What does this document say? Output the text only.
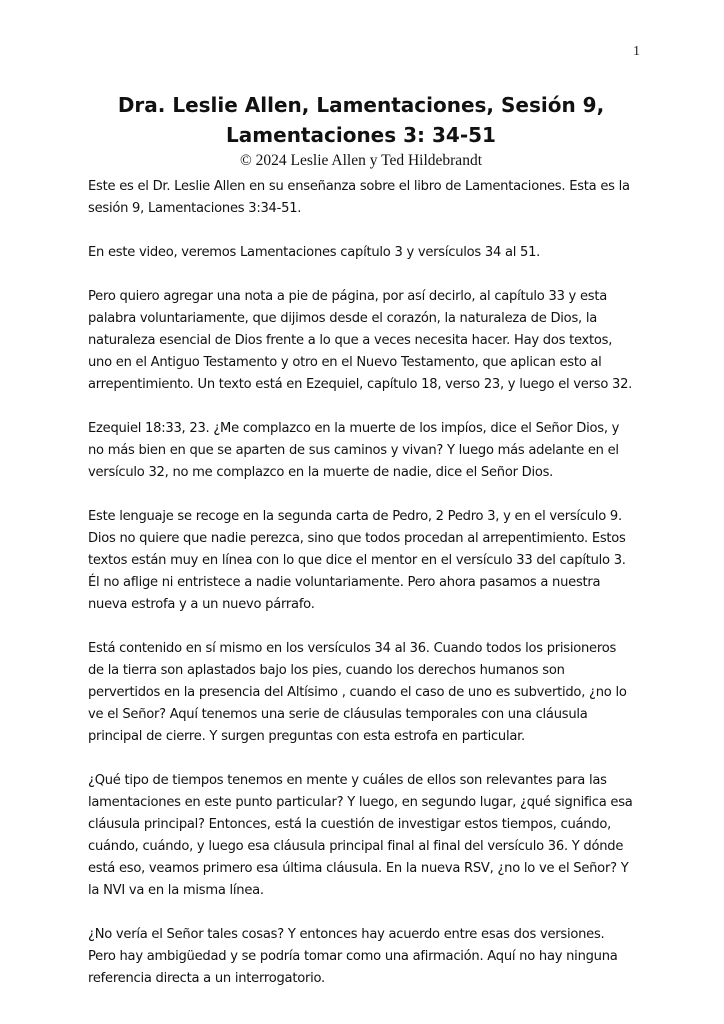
1
Dra. Leslie Allen, Lamentaciones, Sesión 9,
Lamentaciones 3: 34-51
© 2024 Leslie Allen y Ted Hildebrandt

Este es el Dr. Leslie Allen en su enseñanza sobre el libro de Lamentaciones. Esta es la
sesión 9, Lamentaciones 3:34-51.

En este video, veremos Lamentaciones capítulo 3 y versículos 34 al 51.

Pero quiero agregar una nota a pie de página, por así decirlo, al capítulo 33 y esta
palabra voluntariamente, que dijimos desde el corazón, la naturaleza de Dios, la
naturaleza esencial de Dios frente a lo que a veces necesita hacer. Hay dos textos,
uno en el Antiguo Testamento y otro en el Nuevo Testamento, que aplican esto al
arrepentimiento. Un texto está en Ezequiel, capítulo 18, verso 23, y luego el verso 32.

Ezequiel 18:33, 23. ¿Me complazco en la muerte de los impíos, dice el Señor Dios, y
no más bien en que se aparten de sus caminos y vivan? Y luego más adelante en el
versículo 32, no me complazco en la muerte de nadie, dice el Señor Dios.

Este lenguaje se recoge en la segunda carta de Pedro, 2 Pedro 3, y en el versículo 9.
Dios no quiere que nadie perezca, sino que todos procedan al arrepentimiento. Estos
textos están muy en línea con lo que dice el mentor en el versículo 33 del capítulo 3.
Él no aflige ni entristece a nadie voluntariamente. Pero ahora pasamos a nuestra
nueva estrofa y a un nuevo párrafo.

Está contenido en sí mismo en los versículos 34 al 36. Cuando todos los prisioneros
de la tierra son aplastados bajo los pies, cuando los derechos humanos son
pervertidos en la presencia del Altísimo , cuando el caso de uno es subvertido, ¿no lo
ve el Señor? Aquí tenemos una serie de cláusulas temporales con una cláusula
principal de cierre. Y surgen preguntas con esta estrofa en particular.

¿Qué tipo de tiempos tenemos en mente y cuáles de ellos son relevantes para las
lamentaciones en este punto particular? Y luego, en segundo lugar, ¿qué significa esa
cláusula principal? Entonces, está la cuestión de investigar estos tiempos, cuándo,
cuándo, cuándo, y luego esa cláusula principal final al final del versículo 36. Y dónde
está eso, veamos primero esa última cláusula. En la nueva RSV, ¿no lo ve el Señor? Y
la NVI va en la misma línea.

¿No vería el Señor tales cosas? Y entonces hay acuerdo entre esas dos versiones.
Pero hay ambigüedad y se podría tomar como una afirmación. Aquí no hay ninguna
referencia directa a un interrogatorio.
